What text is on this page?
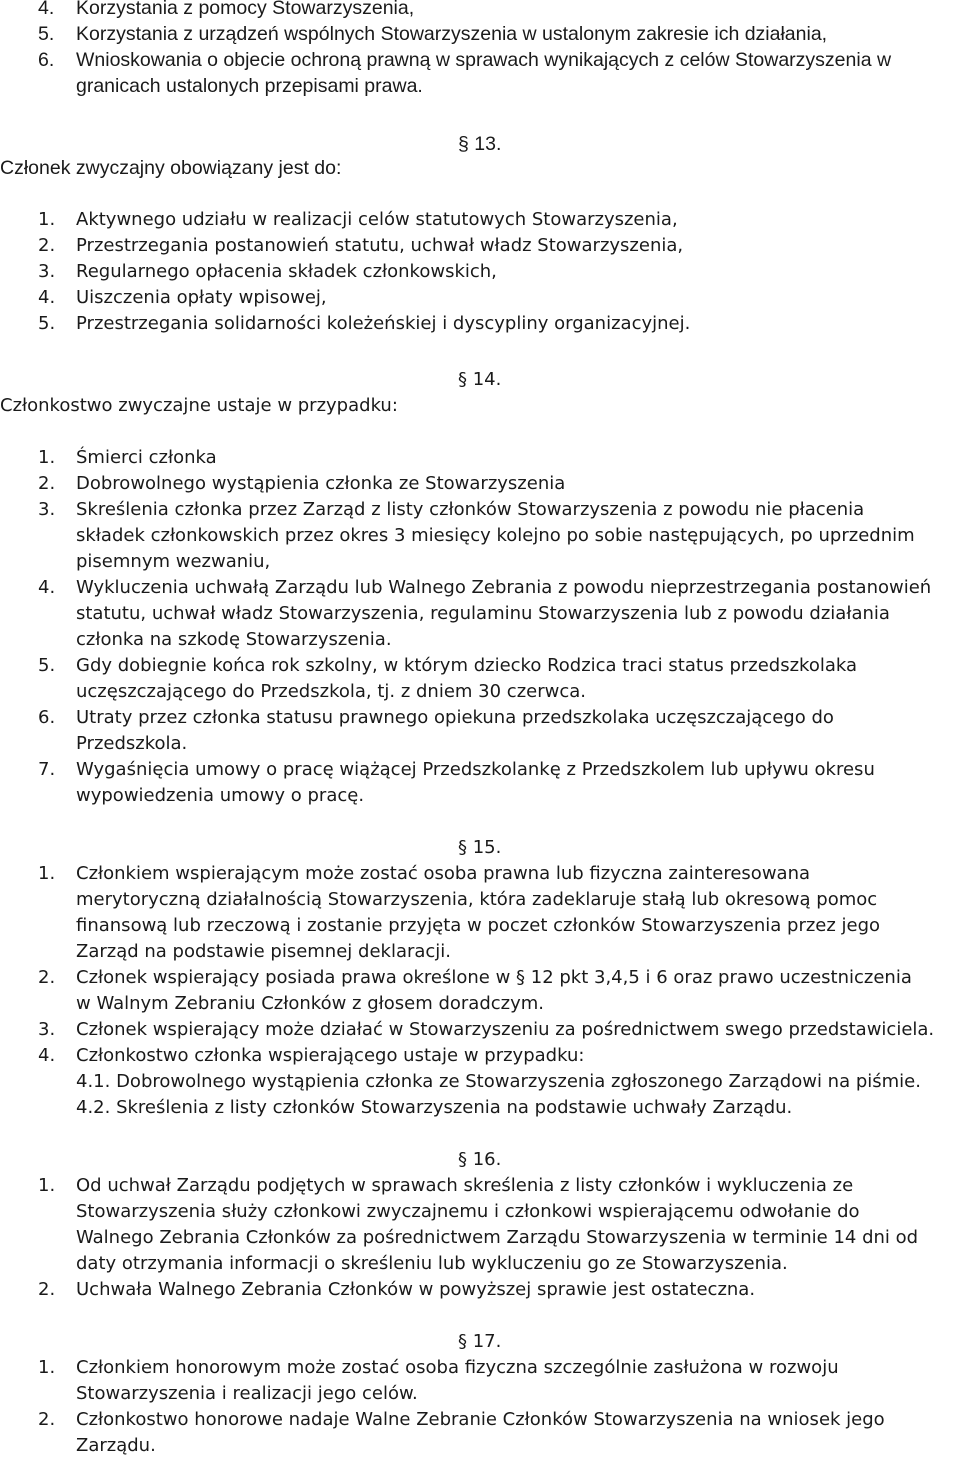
4. Korzystania z pomocy Stowarzyszenia,
5. Korzystania z urządzeń wspólnych Stowarzyszenia w ustalonym zakresie ich działania,
6. Wnioskowania o objecie ochroną prawną w sprawach wynikających z celów Stowarzyszenia w
granicach ustalonych przepisami prawa.
§ 13.
Członek zwyczajny obowiązany jest do:
1. Aktywnego udziału w realizacji celów statutowych Stowarzyszenia,
2. Przestrzegania postanowień statutu, uchwał władz Stowarzyszenia,
3. Regularnego opłacenia składek członkowskich,
4. Uiszczenia opłaty wpisowej,
5. Przestrzegania solidarności koleżeńskiej i dyscypliny organizacyjnej.
§ 14.
Członkostwo zwyczajne ustaje w przypadku:
1. Śmierci członka
2. Dobrowolnego wystąpienia członka ze Stowarzyszenia
3. Skreślenia członka przez Zarząd z listy członków Stowarzyszenia z powodu nie płacenia
składek członkowskich przez okres 3 miesięcy kolejno po sobie następujących, po uprzednim
pisemnym wezwaniu,
4. Wykluczenia uchwałą Zarządu lub Walnego Zebrania z powodu nieprzestrzegania postanowień
statutu, uchwał władz Stowarzyszenia, regulaminu Stowarzyszenia lub z powodu działania
członka na szkodę Stowarzyszenia.
5. Gdy dobiegnie końca rok szkolny, w którym dziecko Rodzica traci status przedszkolaka
uczęszczającego do Przedszkola, tj. z dniem 30 czerwca.
6. Utraty przez członka statusu prawnego opiekuna przedszkolaka uczęszczającego do
Przedszkola.
7. Wygaśnięcia umowy o pracę wiążącej Przedszkolankę z Przedszkolem lub upływu okresu
wypowiedzenia umowy o pracę.
§ 15.
1. Członkiem wspierającym może zostać osoba prawna lub fizyczna zainteresowana
merytoryczną działalnością Stowarzyszenia, która zadeklaruje stałą lub okresową pomoc
finansową lub rzeczową i zostanie przyjęta w poczet członków Stowarzyszenia przez jego
Zarząd na podstawie pisemnej deklaracji.
2. Członek wspierający posiada prawa określone w § 12 pkt 3,4,5 i 6 oraz prawo uczestniczenia
w Walnym Zebraniu Członków z głosem doradczym.
3. Członek wspierający może działać w Stowarzyszeniu za pośrednictwem swego przedstawiciela.
4. Członkostwo członka wspierającego ustaje w przypadku:
4.1. Dobrowolnego wystąpienia członka ze Stowarzyszenia zgłoszonego Zarządowi na piśmie.
4.2. Skreślenia z listy członków Stowarzyszenia na podstawie uchwały Zarządu.
§ 16.
1. Od uchwał Zarządu podjętych w sprawach skreślenia z listy członków i wykluczenia ze
Stowarzyszenia służy członkowi zwyczajnemu i członkowi wspierającemu odwołanie do
Walnego Zebrania Członków za pośrednictwem Zarządu Stowarzyszenia w terminie 14 dni od
daty otrzymania informacji o skreśleniu lub wykluczeniu go ze Stowarzyszenia.
2. Uchwała Walnego Zebrania Członków w powyższej sprawie jest ostateczna.
§ 17.
1. Członkiem honorowym może zostać osoba fizyczna szczególnie zasłużona w rozwoju
Stowarzyszenia i realizacji jego celów.
2. Członkostwo honorowe nadaje Walne Zebranie Członków Stowarzyszenia na wniosek jego
Zarządu.
